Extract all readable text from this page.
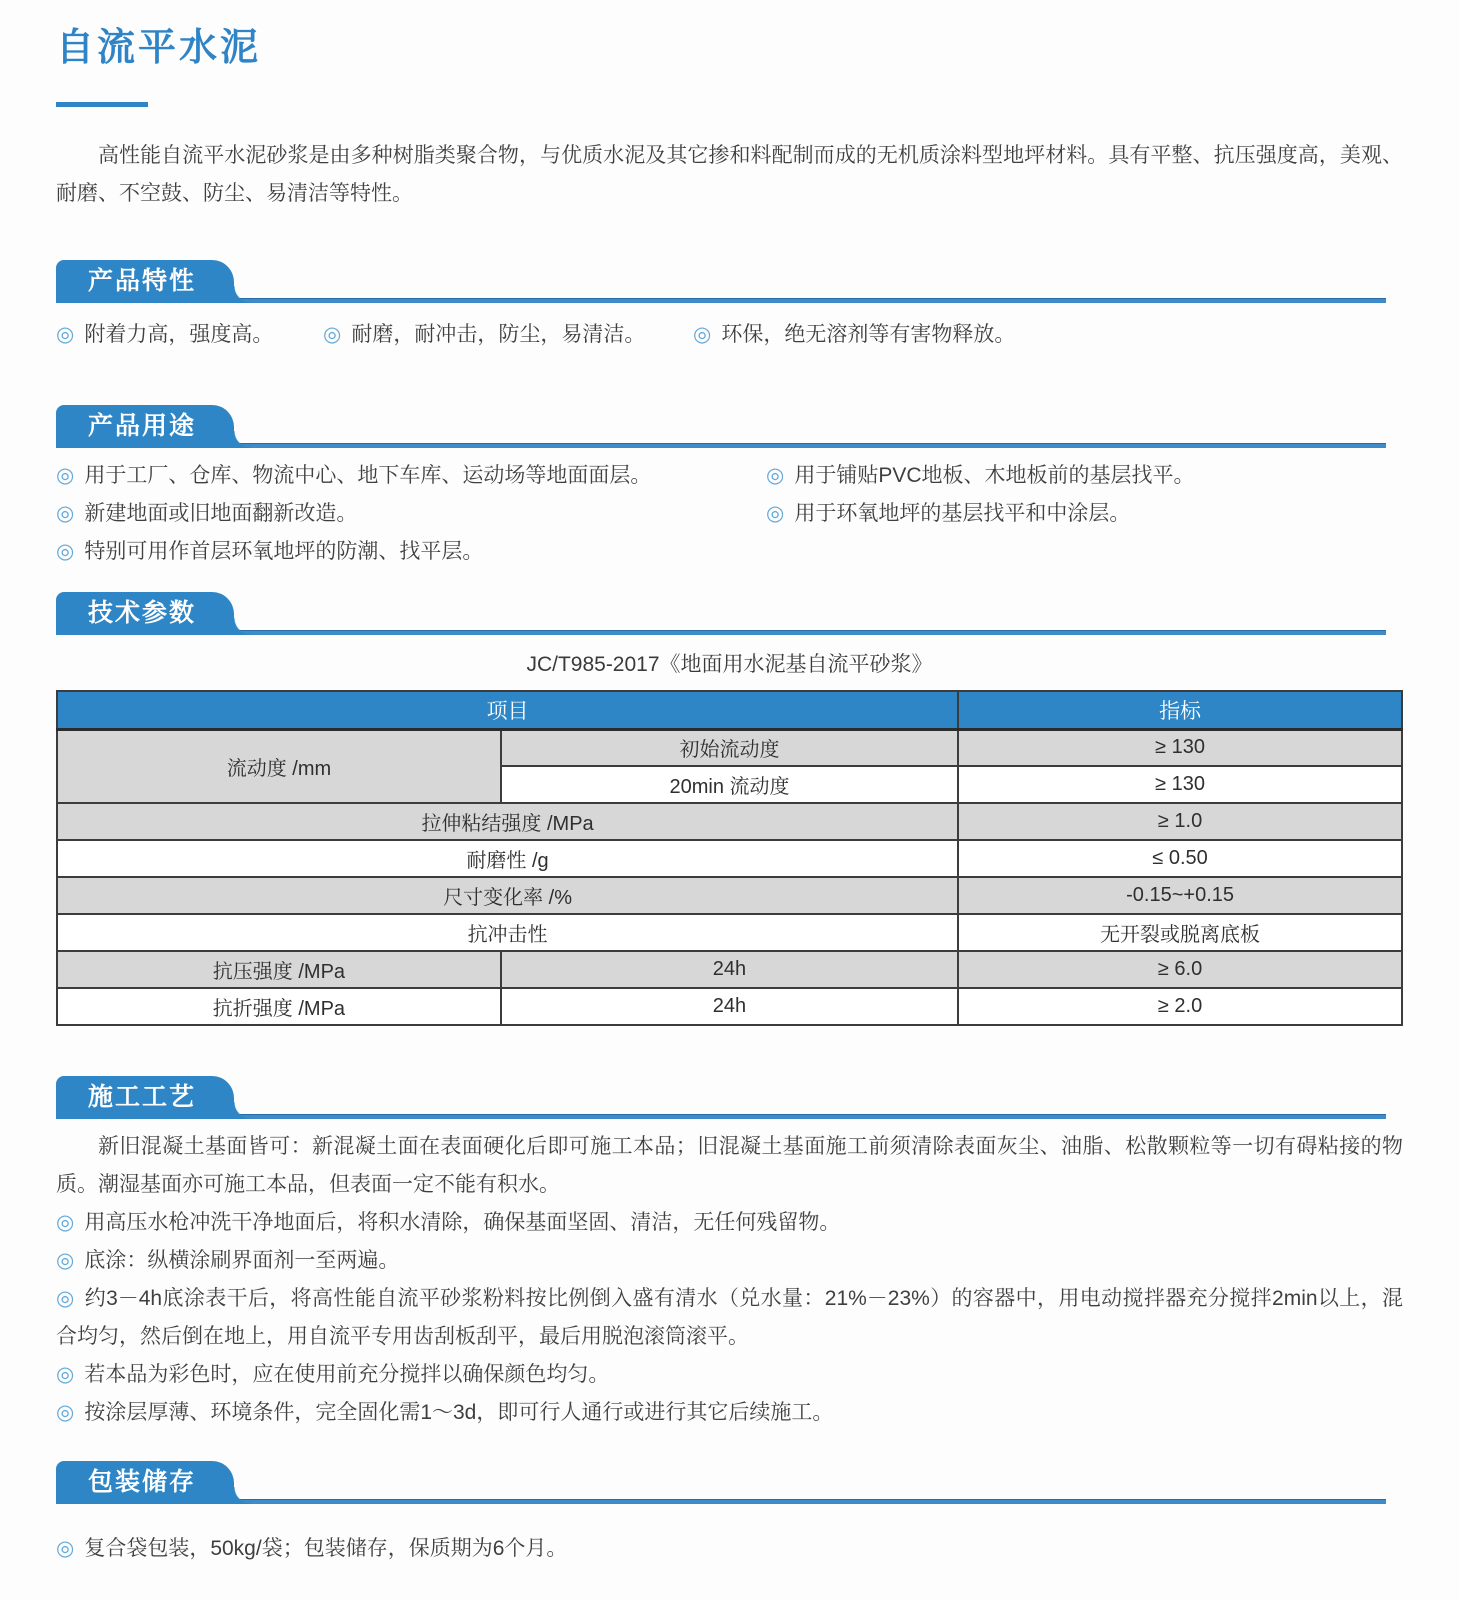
自流平水泥
高性能自流平水泥砂浆是由多种树脂类聚合物，与优质水泥及其它掺和料配制而成的无机质涂料型地坪材料。具有平整、抗压强度高，美观、耐磨、不空鼓、防尘、易清洁等特性。
产品特性
◎ 附着力高，强度高。	◎ 耐磨，耐冲击，防尘，易清洁。	◎ 环保，绝无溶剂等有害物释放。
产品用途
◎ 用于工厂、仓库、物流中心、地下车库、运动场等地面面层。
◎ 新建地面或旧地面翻新改造。
◎ 特别可用作首层环氧地坪的防潮、找平层。
◎ 用于铺贴PVC地板、木地板前的基层找平。
◎ 用于环氧地坪的基层找平和中涂层。
技术参数
JC/T985-2017《地面用水泥基自流平砂浆》
项目		指标
流动度 /mm	初始流动度	≥ 130
	20min 流动度	≥ 130
拉伸粘结强度 /MPa		≥ 1.0
耐磨性 /g		≤ 0.50
尺寸变化率 /%		-0.15~+0.15
抗冲击性		无开裂或脱离底板
抗压强度 /MPa	24h	≥ 6.0
抗折强度 /MPa	24h	≥ 2.0
施工工艺
新旧混凝土基面皆可：新混凝土面在表面硬化后即可施工本品；旧混凝土基面施工前须清除表面灰尘、油脂、松散颗粒等一切有碍粘接的物质。潮湿基面亦可施工本品，但表面一定不能有积水。
◎ 用高压水枪冲洗干净地面后，将积水清除，确保基面坚固、清洁，无任何残留物。
◎ 底涂：纵横涂刷界面剂一至两遍。
◎ 约3－4h底涂表干后，将高性能自流平砂浆粉料按比例倒入盛有清水（兑水量：21%－23%）的容器中，用电动搅拌器充分搅拌2min以上，混合均匀，然后倒在地上，用自流平专用齿刮板刮平，最后用脱泡滚筒滚平。
◎ 若本品为彩色时，应在使用前充分搅拌以确保颜色均匀。
◎ 按涂层厚薄、环境条件，完全固化需1～3d，即可行人通行或进行其它后续施工。
包装储存
◎ 复合袋包装，50kg/袋；包装储存，保质期为6个月。
